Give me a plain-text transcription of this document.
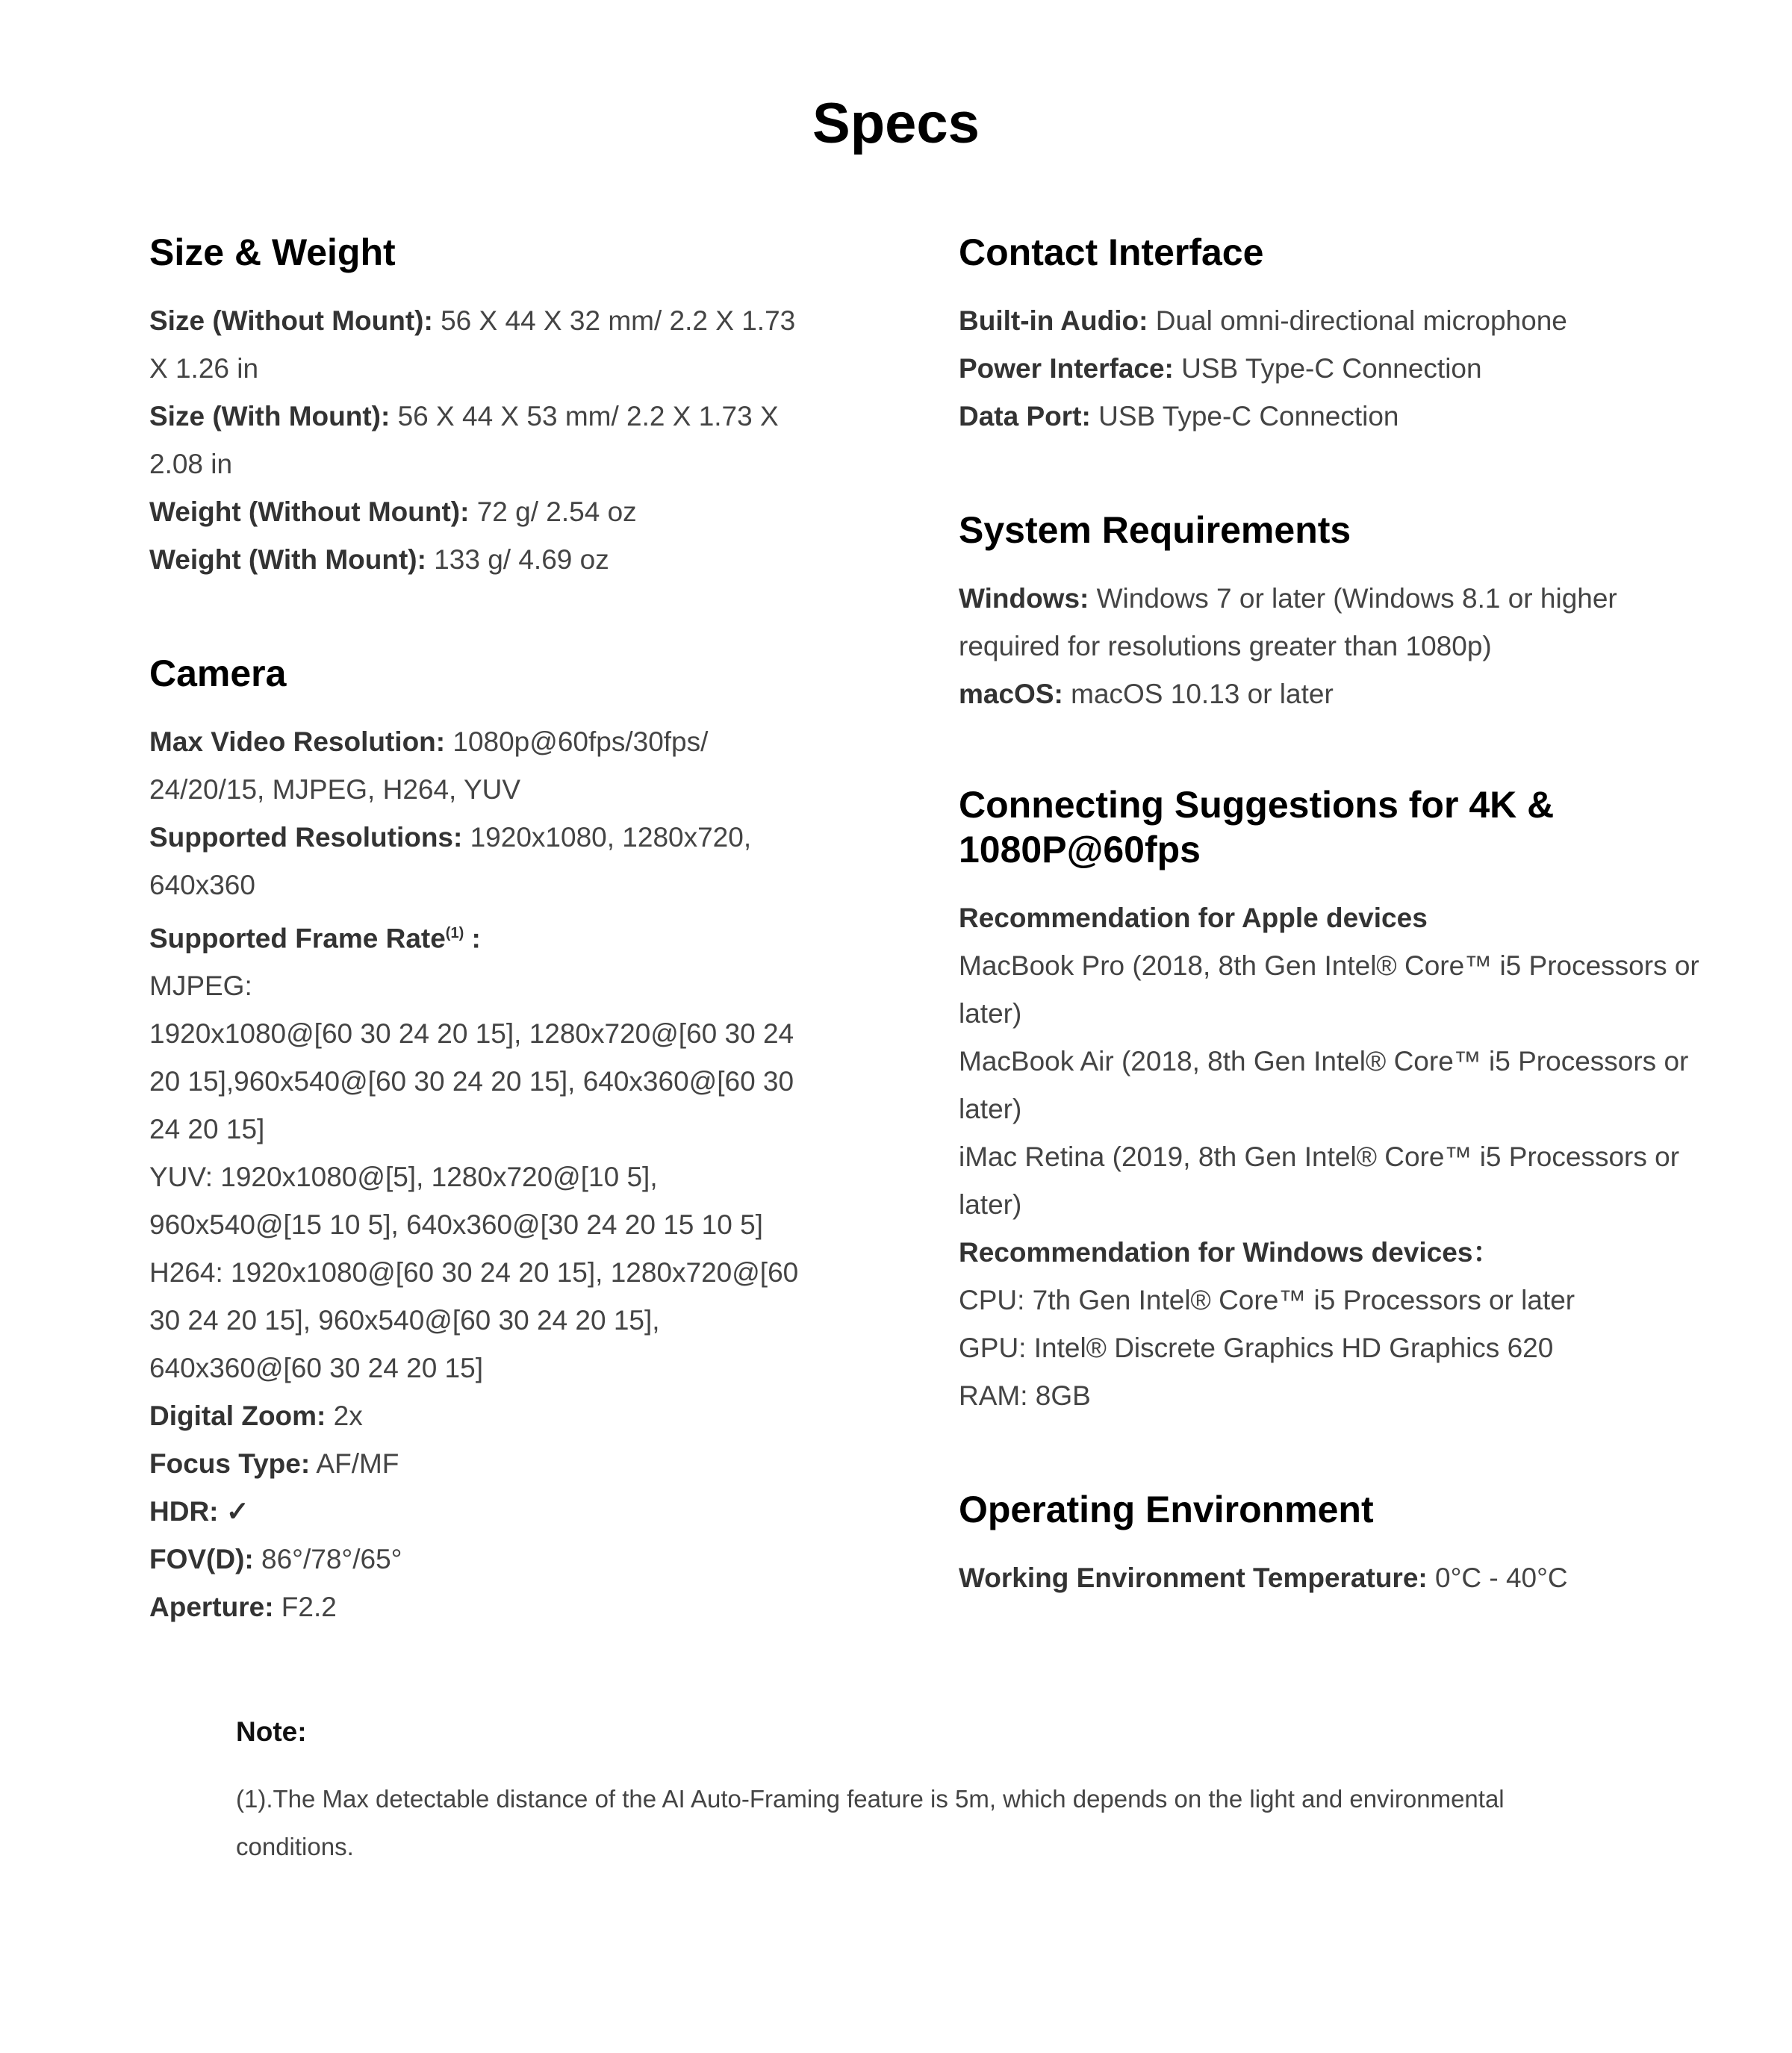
Specs
Size & Weight

Size (Without Mount): 56 X 44 X 32 mm/ 2.2 X 1.73 X 1.26 in

Size (With Mount): 56 X 44 X 53 mm/ 2.2 X 1.73 X 2.08 in

Weight (Without Mount): 72 g/ 2.54 oz

Weight (With Mount): 133 g/ 4.69 oz

Camera

Max Video Resolution: 1080p@60fps/30fps/ 24/20/15, MJPEG, H264, YUV

Supported Resolutions: 1920x1080, 1280x720, 640x360

Supported Frame Rate$^{(1)}$ :

MJPEG:

1920x1080@[60 30 24 20 15], 1280x720@[60 30 24 20 15],960x540@[60 30 24 20 15], 640x360@[60 30 24 20 15]

YUV: 1920x1080@[5], 1280x720@[10 5], 960x540@[15 10 5], 640x360@[30 24 20 15 10 5]

H264: 1920x1080@[60 30 24 20 15], 1280x720@[60 30 24 20 15], 960x540@[60 30 24 20 15], 640x360@[60 30 24 20 15]

Digital Zoom: 2x

Focus Type: AF/MF

HDR: ✓

FOV(D): 86°/78°/65°

Aperture: F2.2

Contact Interface

Built-in Audio: Dual omni-directional microphone

Power Interface: USB Type-C Connection

Data Port: USB Type-C Connection

System Requirements

Windows: Windows 7 or later (Windows 8.1 or higher required for resolutions greater than 1080p)

macOS: macOS 10.13 or later

Connecting Suggestions for 4K & 1080P@60fps

Recommendation for Apple devices

MacBook Pro (2018, 8th Gen Intel® Core™ i5 Processors or later)

MacBook Air (2018, 8th Gen Intel® Core™ i5 Processors or later)

iMac Retina (2019, 8th Gen Intel® Core™ i5 Processors or later)

Recommendation for Windows devices：

CPU: 7th Gen Intel® Core™ i5 Processors or later

GPU: Intel® Discrete Graphics HD Graphics 620

RAM: 8GB

Operating Environment

Working Environment Temperature: 0°C - 40°C

Note:

(1).The Max detectable distance of the AI Auto-Framing feature is 5m, which depends on the light and environmental conditions.
